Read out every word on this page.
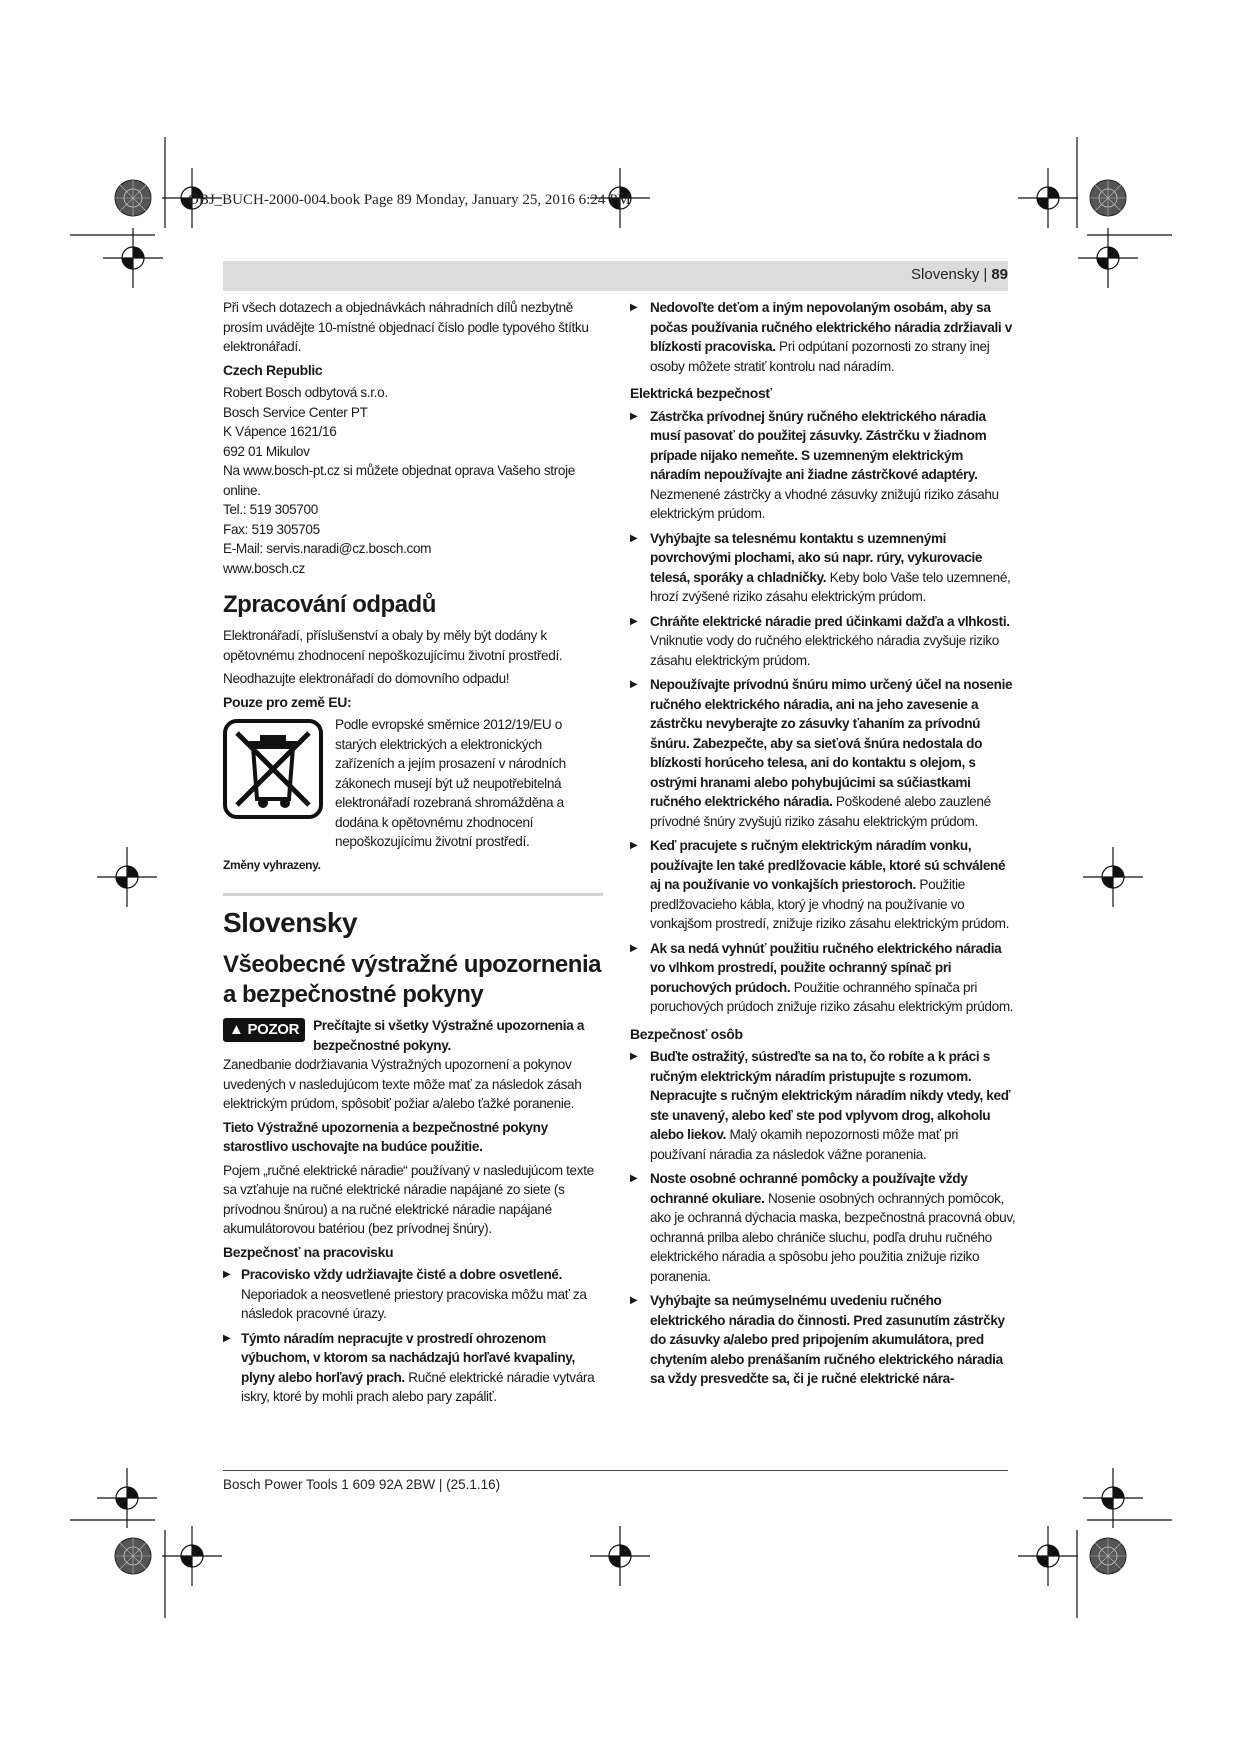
OBJ_BUCH-2000-004.book Page 89 Monday, January 25, 2016 6:24 PM
Slovensky | 89

Při všech dotazech a objednávkách náhradních dílů nezbytně prosím uvádějte 10-místné objednací číslo podle typového štítku elektronářadí.

Czech Republic
Robert Bosch odbytová s.r.o.
Bosch Service Center PT
K Vápence 1621/16
692 01 Mikulov
Na www.bosch-pt.cz si můžete objednat oprava Vašeho stroje online.
Tel.: 519 305700
Fax: 519 305705
E-Mail: servis.naradi@cz.bosch.com
www.bosch.cz
Zpracování odpadů

Elektronářadí, příslušenství a obaly by měly být dodány k opětovnému zhodnocení nepoškozujícímu životní prostředí.

Neodhazujte elektronářadí do domovního odpadu!

Pouze pro země EU:
Podle evropské směrnice 2012/19/EU o starých elektrických a elektronických zařízeních a jejím prosazení v národních zákonech musejí být už neupotřebitelná elektronářadí rozebraná shromážděna a dodána k opětovnému zhodnocení nepoškozujícímu životní prostředí.
Změny vyhrazeny.
Slovensky
Všeobecné výstražné upozornenia a bezpečnostné pokyny
▲ POZOR Prečítajte si všetky Výstražné upozornenia a bezpečnostné pokyny.

Zanedbanie dodržiavania Výstražných upozornení a pokynov uvedených v nasledujúcom texte môže mať za následok zásah elektrickým prúdom, spôsobiť požiar a/alebo ťažké poranenie.

Tieto Výstražné upozornenia a bezpečnostné pokyny starostlivo uschovajte na budúce použitie.

Pojem „ručné elektrické náradie“ používaný v nasledujúcom texte sa vzťahuje na ručné elektrické náradie napájané zo siete (s prívodnou šnúrou) a na ručné elektrické náradie napájané akumulátorovou batériou (bez prívodnej šnúry).

Bezpečnosť na pracovisku
▶ Pracovisko vždy udržiavajte čisté a dobre osvetlené. Neporiadok a neosvetlené priestory pracoviska môžu mať za následok pracovné úrazy.
▶ Týmto náradím nepracujte v prostredí ohrozenom výbuchom, v ktorom sa nachádzajú horľavé kvapaliny, plyny alebo horľavý prach. Ručné elektrické náradie vytvára iskry, ktoré by mohli prach alebo pary zapáliť.
▶ Nedovoľte deťom a iným nepovolaným osobám, aby sa počas používania ručného elektrického náradia zdržiavali v blízkosti pracoviska. Pri odpútaní pozornosti zo strany inej osoby môžete stratiť kontrolu nad náradím.
Elektrická bezpečnosť
▶ Zástrčka prívodnej šnúry ručného elektrického náradia musí pasovať do použitej zásuvky. Zástrčku v žiadnom prípade nijako nemeňte. S uzemneným elektrickým náradím nepoužívajte ani žiadne zástrčkové adaptéry. Nezmenené zástrčky a vhodné zásuvky znižujú riziko zásahu elektrickým prúdom.
▶ Vyhýbajte sa telesnému kontaktu s uzemnenými povrchovými plochami, ako sú napr. rúry, vykurovacie telesá, sporáky a chladničky. Keby bolo Vaše telo uzemnené, hrozí zvýšené riziko zásahu elektrickým prúdom.
▶ Chráňte elektrické náradie pred účinkami dažďa a vlhkosti. Vniknutie vody do ručného elektrického náradia zvyšuje riziko zásahu elektrickým prúdom.
▶ Nepoužívajte prívodnú šnúru mimo určený účel na nosenie ručného elektrického náradia, ani na jeho zavesenie a zástrčku nevyberajte zo zásuvky ťahaním za prívodnú šnúru. Zabezpečte, aby sa sieťová šnúra nedostala do blízkosti horúceho telesa, ani do kontaktu s olejom, s ostrými hranami alebo pohybujúcimi sa súčiastkami ručného elektrického náradia. Poškodené alebo zauzlené prívodné šnúry zvyšujú riziko zásahu elektrickým prúdom.
▶ Keď pracujete s ručným elektrickým náradím vonku, používajte len také predlžovacie káble, ktoré sú schválené aj na používanie vo vonkajších priestoroch. Použitie predlžovacieho kábla, ktorý je vhodný na používanie vo vonkajšom prostredí, znižuje riziko zásahu elektrickým prúdom.
▶ Ak sa nedá vyhnúť použitiu ručného elektrického náradia vo vlhkom prostredí, použite ochranný spínač pri poruchových prúdoch. Použitie ochranného spínača pri poruchových prúdoch znižuje riziko zásahu elektrickým prúdom.
Bezpečnosť osôb
▶ Buďte ostražitý, sústreďte sa na to, čo robíte a k práci s ručným elektrickým náradím pristupujte s rozumom. Nepracujte s ručným elektrickým náradím nikdy vtedy, keď ste unavený, alebo keď ste pod vplyvom drog, alkoholu alebo liekov. Malý okamih nepozornosti môže mať pri používaní náradia za následok vážne poranenia.
▶ Noste osobné ochranné pomôcky a používajte vždy ochranné okuliare. Nosenie osobných ochranných pomôcok, ako je ochranná dýchacia maska, bezpečnostná pracovná obuv, ochranná prilba alebo chrániče sluchu, podľa druhu ručného elektrického náradia a spôsobu jeho použitia znižuje riziko poranenia.
▶ Vyhýbajte sa neúmyselnému uvedeniu ručného elektrického náradia do činnosti. Pred zasunutím zástrčky do zásuvky a/alebo pred pripojením akumulátora, pred chytením alebo prenášaním ručného elektrického náradia sa vždy presvedčte sa, či je ručné elektrické nára-
Bosch Power Tools 1 609 92A 2BW | (25.1.16)
